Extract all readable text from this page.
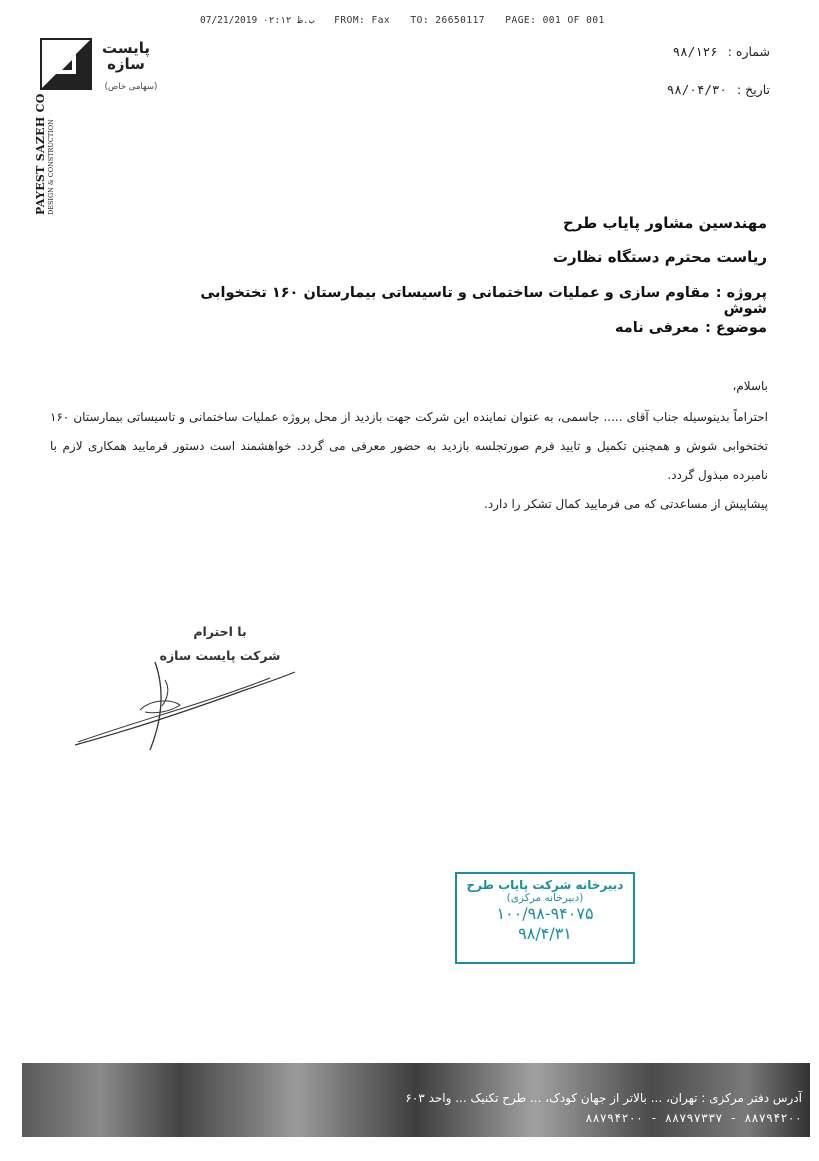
07/21/2019 ب.ظ ۰۲:۱۲ FROM: Fax TO: 26650117 PAGE: 001 OF 001
پایست سازه
(سهامی خاص)
PAYEST SAZEH CO DESIGN & CONSTRUCTION
شماره : ۹۸/۱۲۶
تاریخ : ۹۸/۰۴/۳۰
مهندسین مشاور پایاب طرح
ریاست محترم دستگاه نظارت
پروژه :مقاوم سازی و عملیات ساختمانی و تاسیساتی بیمارستان ۱۶۰ تختخوابی شوش
موضوع :معرفی نامه

باسلام،

احتراماً بدینوسیله جناب آقای ..... جاسمی، به عنوان نماینده این شرکت جهت بازدید از محل پروژه عملیات ساختمانی و تاسیساتی بیمارستان ۱۶۰ تختخوابی شوش و همچنین تکمیل و تایید فرم صورتجلسه بازدید به حضور معرفی می گردد. خواهشمند است دستور فرمایید همکاری لازم با نامبرده مبذول گردد.

پیشاپیش از مساعدتی که می فرمایید کمال تشکر را دارد.

با احترام
شرکت پایست سازه
دبیرخانه شرکت پایاب طرح
(دبیرخانه مرکزی)
۱۰۰/۹۸-۹۴۰۷۵
۹۸/۴/۳۱
آدرس دفتر مرکزی : تهران، ... بالاتر از جهان کودک، ... طرح تکنیک ... واحد ۶۰۳
۸۸۷۹۴۲۰۰ - ۸۸۷۹۷۳۳۷ - ۸۸۷۹۴۲۰۰
